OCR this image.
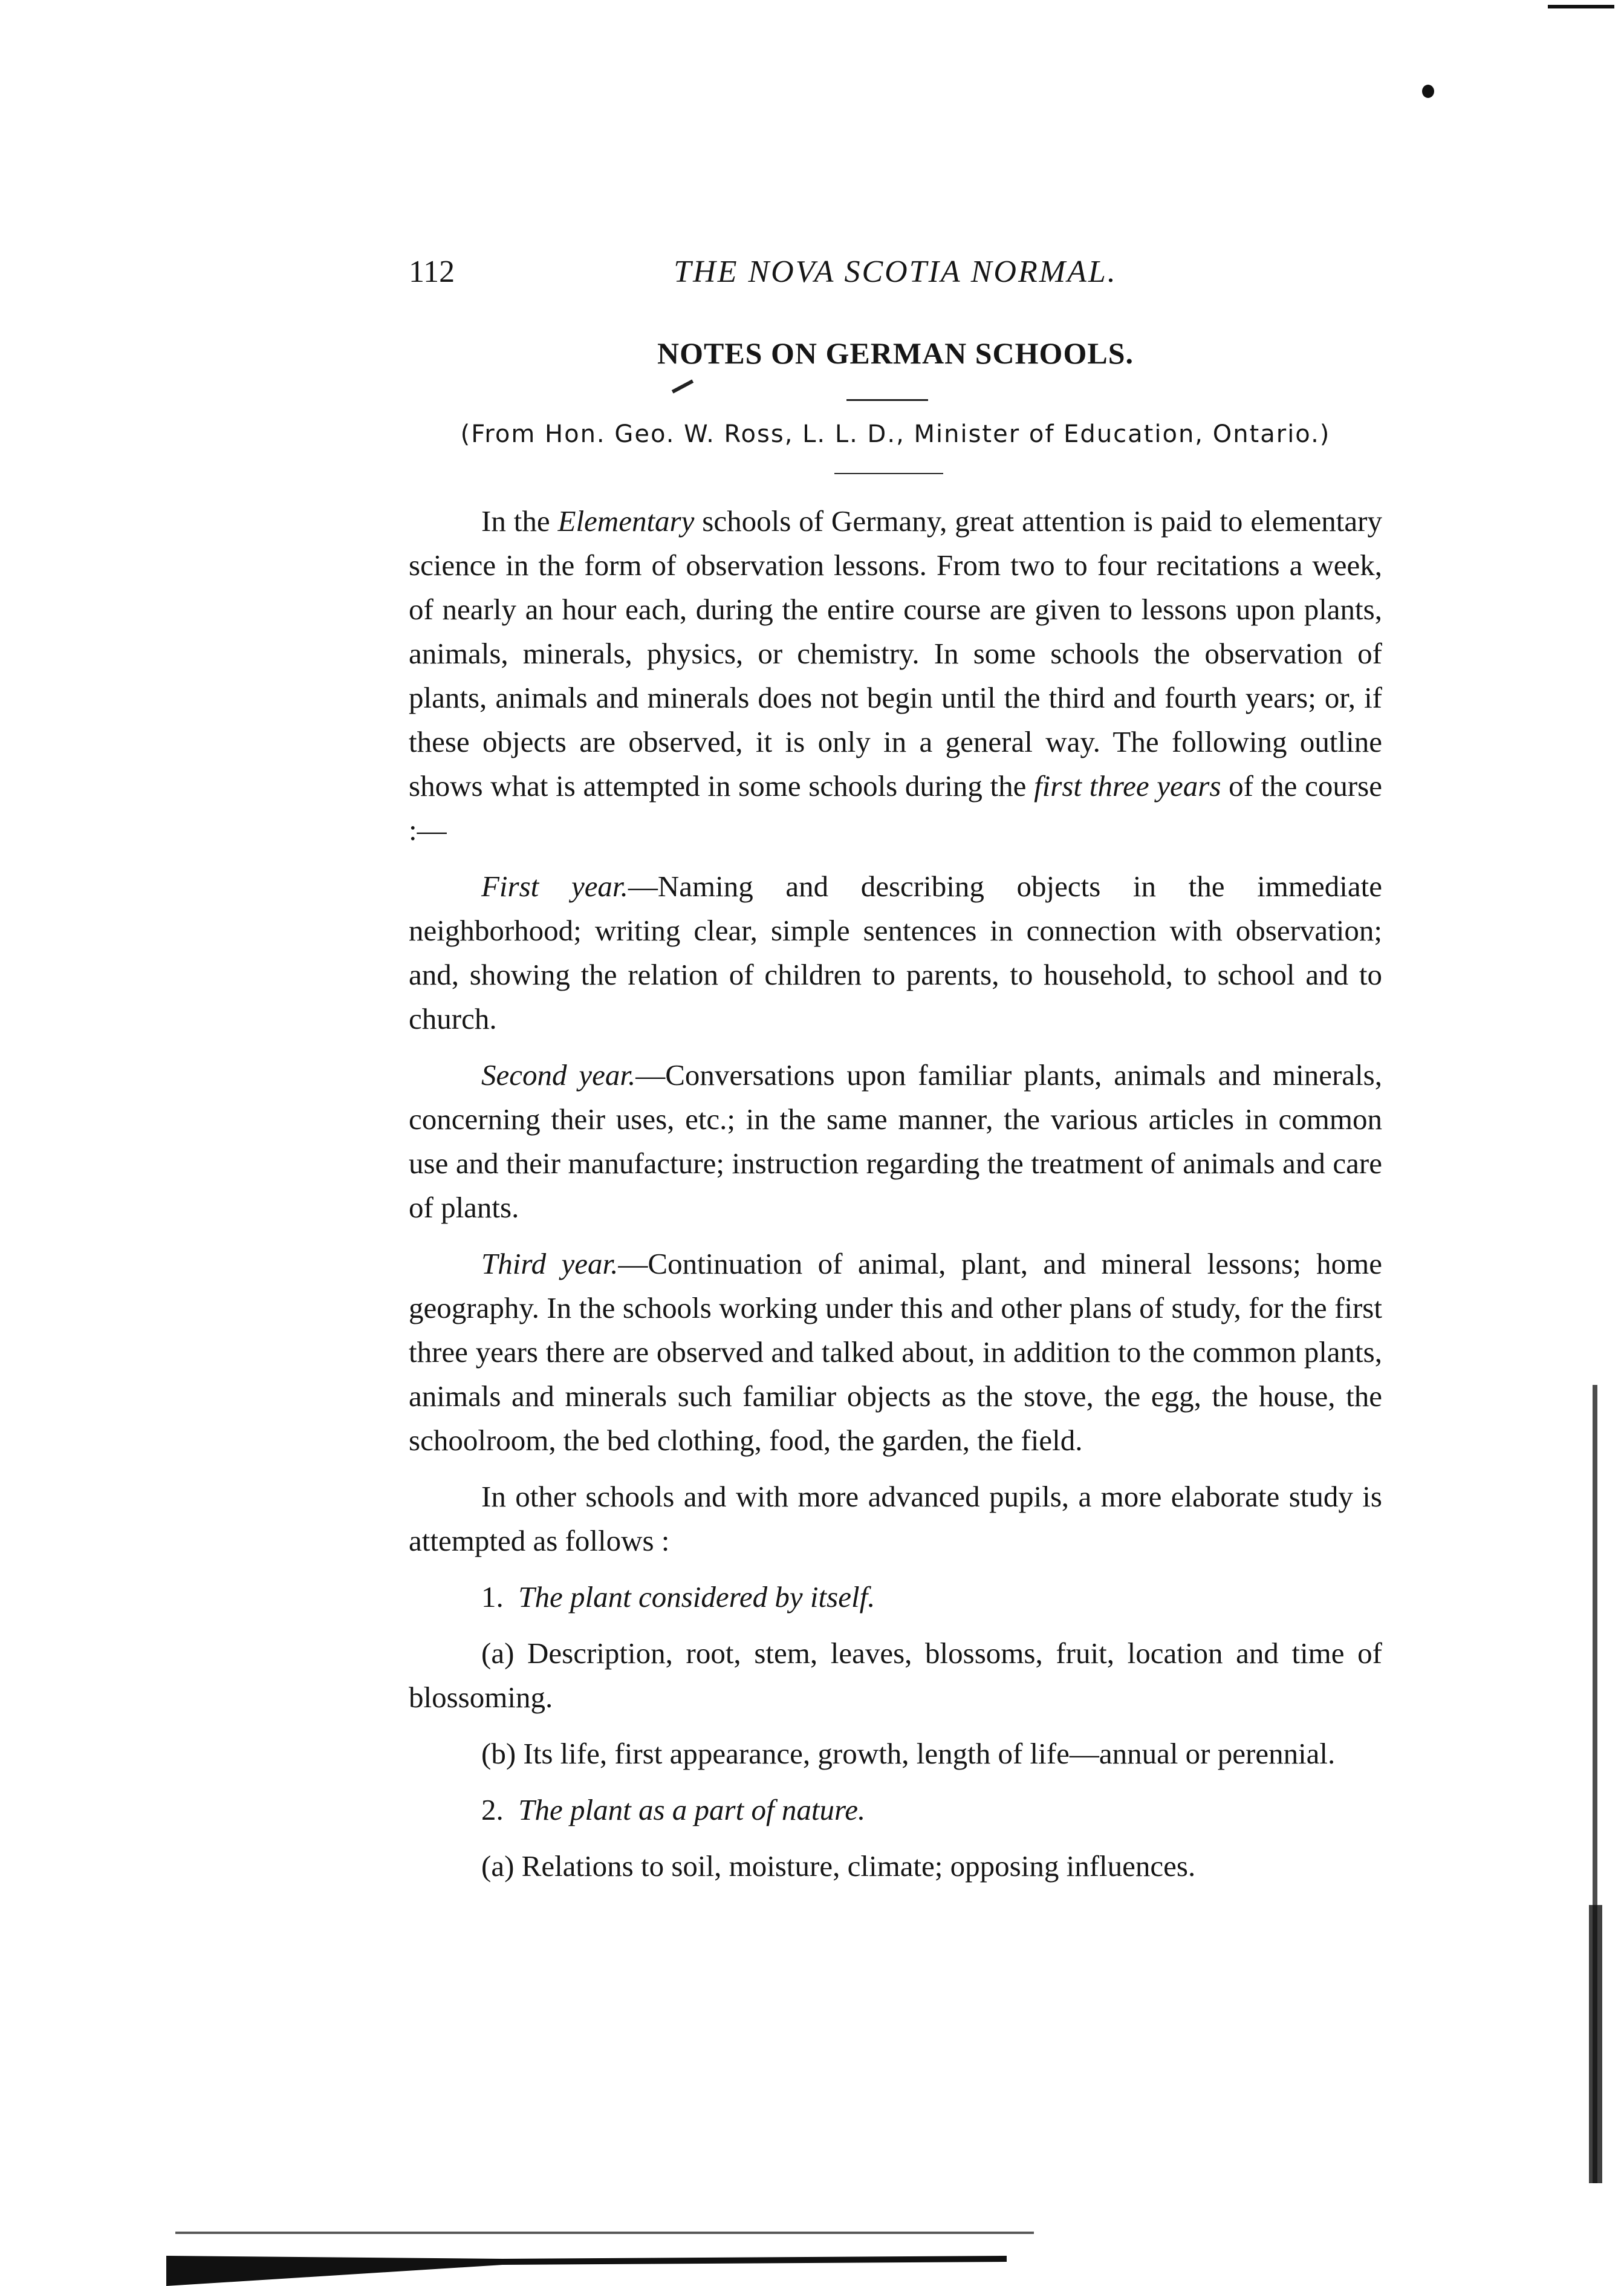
112	THE NOVA SCOTIA NORMAL.
NOTES ON GERMAN SCHOOLS.
(From Hon. Geo. W. Ross, L. L. D., Minister of Education, Ontario.)

In the Elementary schools of Germany, great attention is paid to elementary science in the form of observation lessons. From two to four recitations a week, of nearly an hour each, during the entire course are given to lessons upon plants, animals, minerals, physics, or chemistry. In some schools the observation of plants, animals and minerals does not begin until the third and fourth years; or, if these objects are observed, it is only in a general way. The following outline shows what is attempted in some schools during the first three years of the course :—

First year.—Naming and describing objects in the immediate neighborhood; writing clear, simple sentences in connection with observation; and, showing the relation of children to parents, to household, to school and to church.

Second year.—Conversations upon familiar plants, animals and minerals, concerning their uses, etc.; in the same manner, the various articles in common use and their manufacture; instruction regarding the treatment of animals and care of plants.

Third year.—Continuation of animal, plant, and mineral lessons; home geography. In the schools working under this and other plans of study, for the first three years there are observed and talked about, in addition to the common plants, animals and minerals such familiar objects as the stove, the egg, the house, the schoolroom, the bed clothing, food, the garden, the field.

In other schools and with more advanced pupils, a more elaborate study is attempted as follows :

1. The plant considered by itself.

(a) Description, root, stem, leaves, blossoms, fruit, location and time of blossoming.

(b) Its life, first appearance, growth, length of life—annual or perennial.

2. The plant as a part of nature.

(a) Relations to soil, moisture, climate; opposing influences.
